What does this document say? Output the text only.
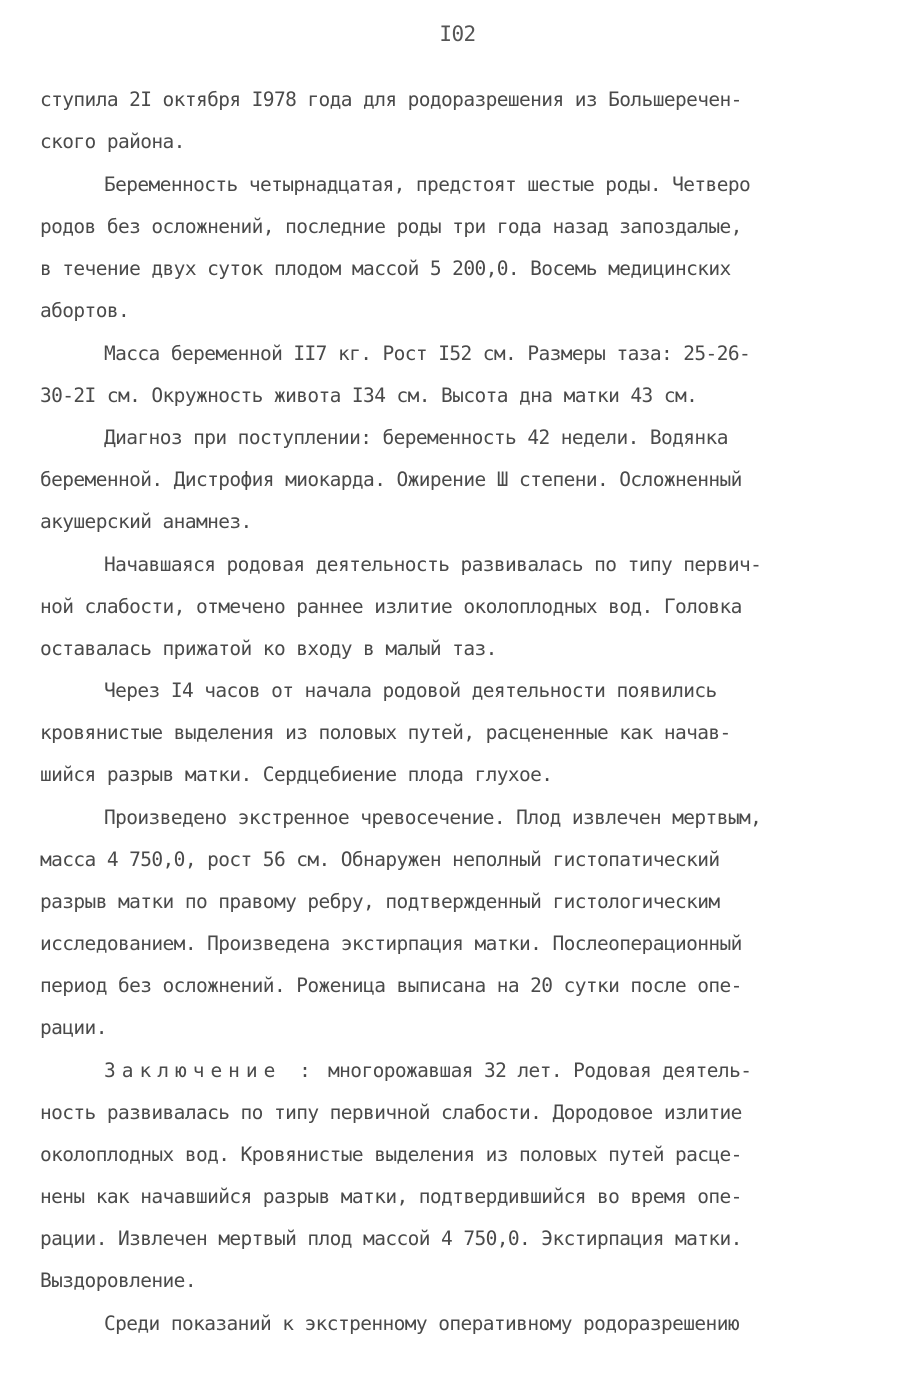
I02
ступила 2I октября I978 года для родоразрешения из Большеречен-
ского района.
Беременность четырнадцатая, предстоят шестые роды. Четверо
родов без осложнений, последние роды три года назад запоздалые,
в течение двух суток плодом массой 5 200,0. Восемь медицинских
абортов.
Масса беременной II7 кг. Рост I52 см. Размеры таза: 25-26-
30-2I см. Окружность живота I34 см. Высота дна матки 43 см.
Диагноз при поступлении: беременность 42 недели. Водянка
беременной. Дистрофия миокарда. Ожирение Ш степени. Осложненный
акушерский анамнез.
Начавшаяся родовая деятельность развивалась по типу первич-
ной слабости, отмечено раннее излитие околоплодных вод. Головка
оставалась прижатой ко входу в малый таз.
Через I4 часов от начала родовой деятельности появились
кровянистые выделения из половых путей, расцененные как начав-
шийся разрыв матки. Сердцебиение плода глухое.
Произведено экстренное чревосечение. Плод извлечен мертвым,
масса 4 750,0, рост 56 см. Обнаружен неполный гистопатический
разрыв матки по правому ребру, подтвержденный гистологическим
исследованием. Произведена экстирпация матки. Послеоперационный
период без осложнений. Роженица выписана на 20 сутки после опе-
рации.
Заключение : многорожавшая 32 лет. Родовая деятель-
ность развивалась по типу первичной слабости. Дородовое излитие
околоплодных вод. Кровянистые выделения из половых путей расце-
нены как начавшийся разрыв матки, подтвердившийся во время опе-
рации. Извлечен мертвый плод массой 4 750,0. Экстирпация матки.
Выздоровление.
Среди показаний к экстренному оперативному родоразрешению
